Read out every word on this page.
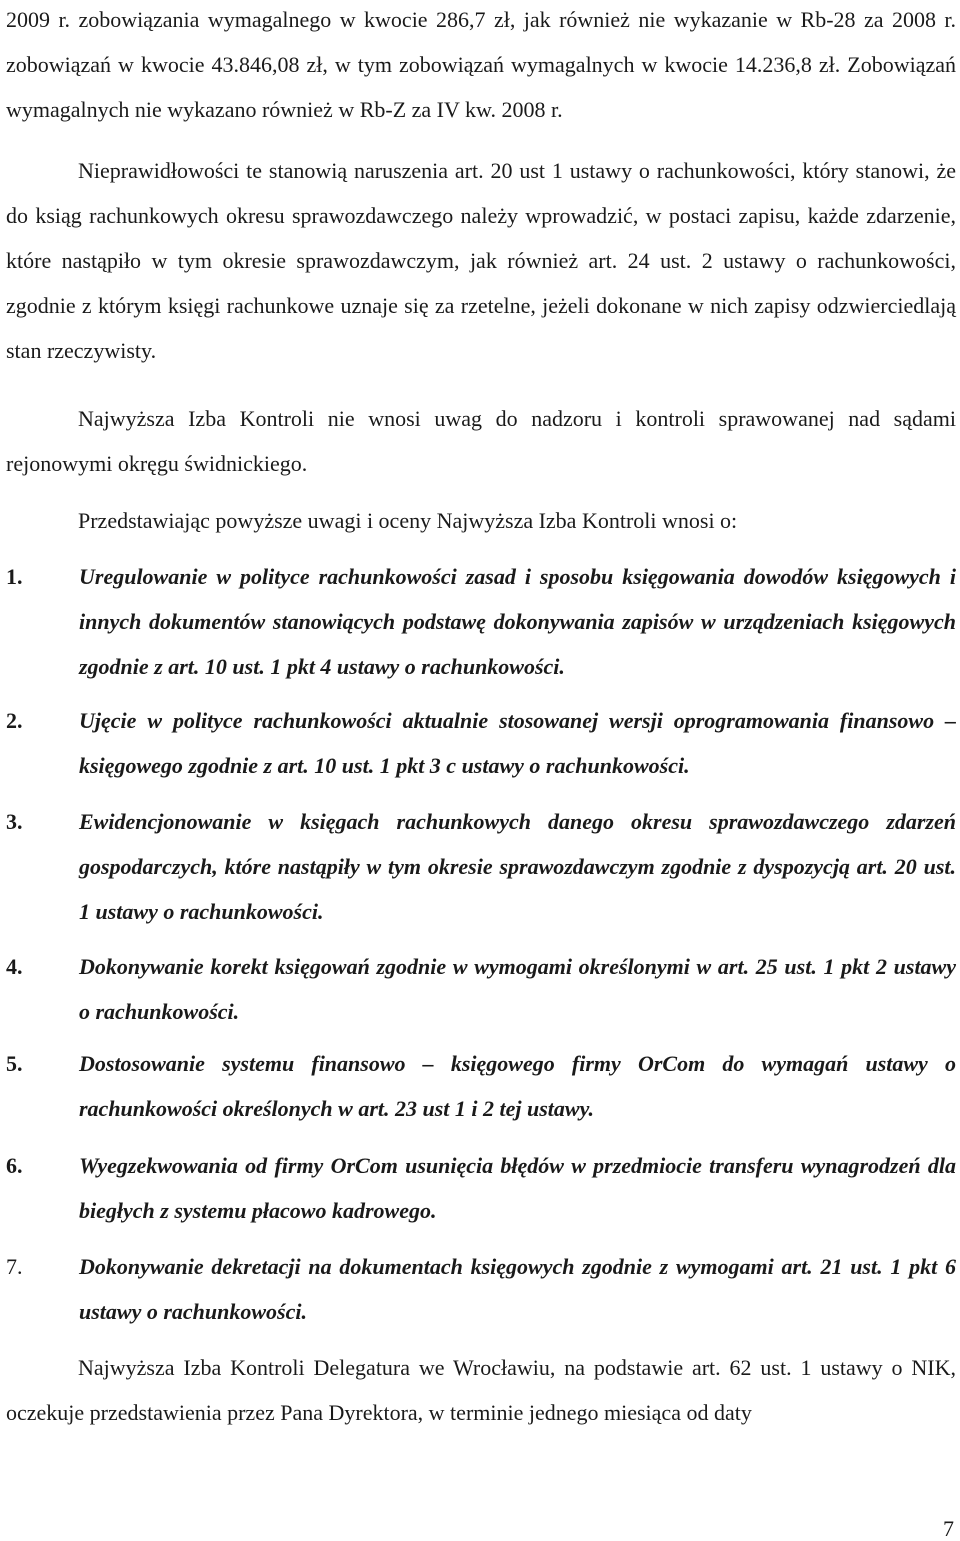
2009 r. zobowiązania wymagalnego w kwocie 286,7 zł, jak również nie wykazanie w Rb-28 za 2008 r. zobowiązań w kwocie 43.846,08 zł, w tym zobowiązań wymagalnych w kwocie 14.236,8 zł. Zobowiązań wymagalnych nie wykazano również w Rb-Z za IV kw. 2008 r.

Nieprawidłowości te stanowią naruszenia art. 20 ust 1 ustawy o rachunkowości, który stanowi, że do ksiąg rachunkowych okresu sprawozdawczego należy wprowadzić, w postaci zapisu, każde zdarzenie, które nastąpiło w tym okresie sprawozdawczym, jak również art. 24 ust. 2 ustawy o rachunkowości, zgodnie z którym księgi rachunkowe uznaje się za rzetelne, jeżeli dokonane w nich zapisy odzwierciedlają stan rzeczywisty.

Najwyższa Izba Kontroli nie wnosi uwag do nadzoru i kontroli sprawowanej nad sądami rejonowymi okręgu świdnickiego.

Przedstawiając powyższe uwagi i oceny Najwyższa Izba Kontroli wnosi o:

1.	Uregulowanie w polityce rachunkowości zasad i sposobu księgowania dowodów księgowych i innych dokumentów stanowiących podstawę dokonywania zapisów w urządzeniach księgowych zgodnie z art. 10 ust. 1 pkt 4 ustawy o rachunkowości.
2.	Ujęcie w polityce rachunkowości aktualnie stosowanej wersji oprogramowania finansowo – księgowego zgodnie z art. 10 ust. 1 pkt 3 c ustawy o rachunkowości.
3.	Ewidencjonowanie w księgach rachunkowych danego okresu sprawozdawczego zdarzeń gospodarczych, które nastąpiły w tym okresie sprawozdawczym zgodnie z dyspozycją art. 20 ust. 1 ustawy o rachunkowości.
4.	Dokonywanie korekt księgowań zgodnie w wymogami określonymi w art. 25 ust. 1 pkt 2 ustawy o rachunkowości.
5.	Dostosowanie systemu finansowo – księgowego firmy OrCom do wymagań ustawy o rachunkowości określonych w art. 23 ust 1 i 2 tej ustawy.
6.	Wyegzekwowania od firmy OrCom usunięcia błędów w przedmiocie transferu wynagrodzeń dla biegłych z systemu płacowo kadrowego.
7.	Dokonywanie dekretacji na dokumentach księgowych zgodnie z wymogami art. 21 ust. 1 pkt 6 ustawy o rachunkowości.

Najwyższa Izba Kontroli Delegatura we Wrocławiu, na podstawie art. 62 ust. 1 ustawy o NIK, oczekuje przedstawienia przez Pana Dyrektora, w terminie jednego miesiąca od daty

7
